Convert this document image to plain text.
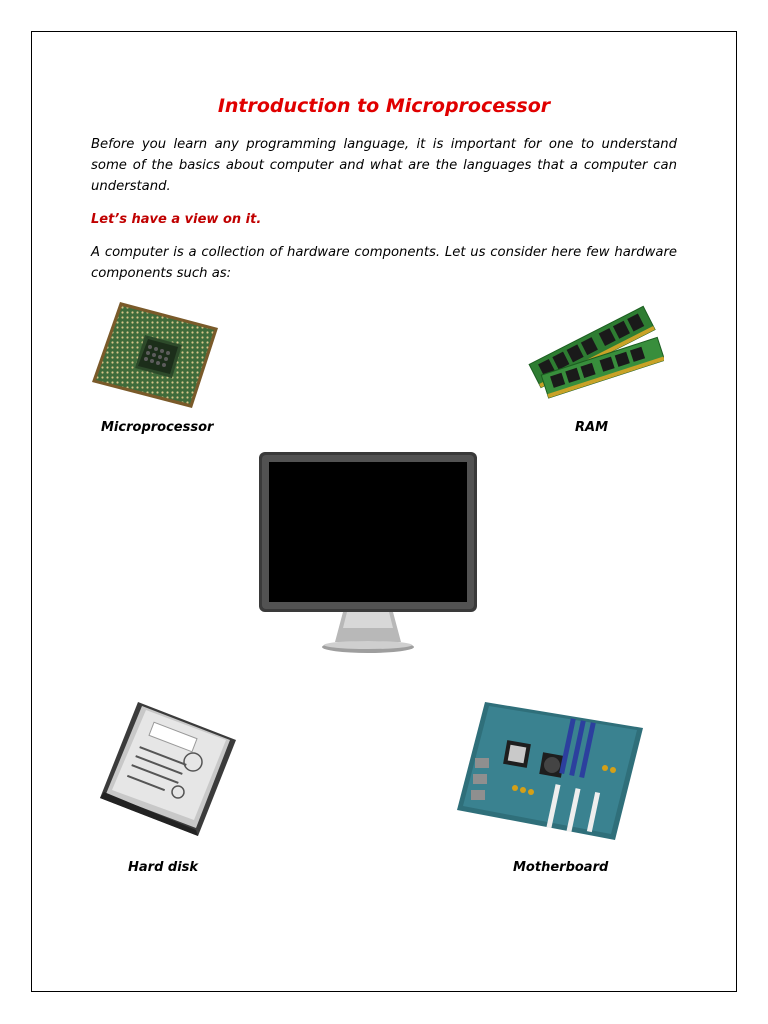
Introduction to Microprocessor
Before you learn any programming language, it is important for one to understand some of the basics about computer and what are the languages that a computer can understand.
Let’s have a view on it.
A computer is a collection of hardware components. Let us consider here few hardware components such as:
Microprocessor	RAM
Hard disk	Motherboard
